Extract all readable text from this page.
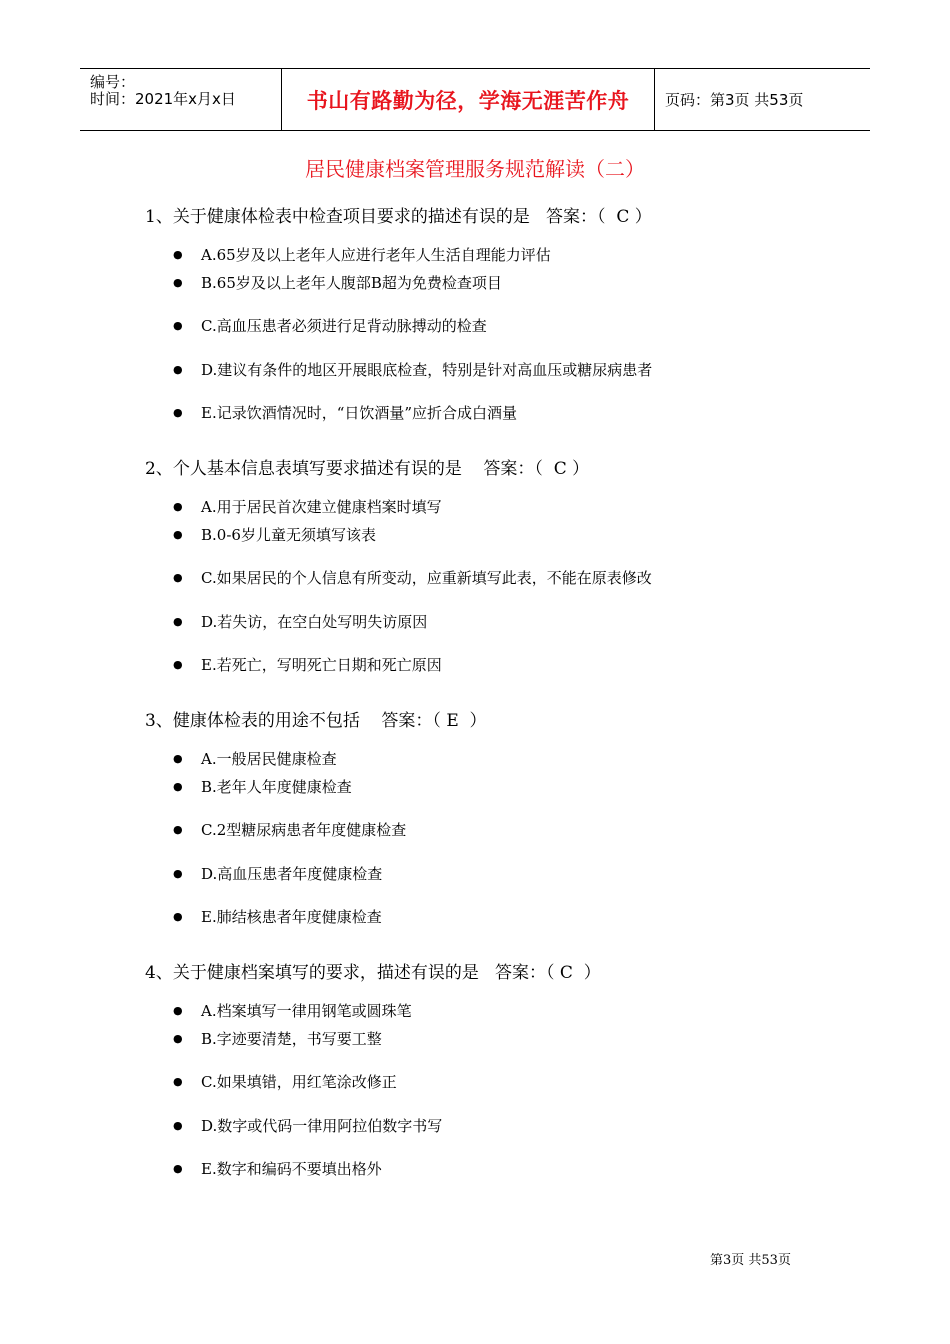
编号：
时间：2021年x月x日	书山有路勤为径，学海无涯苦作舟	页码：第3页 共53页
居民健康档案管理服务规范解读（二）
1、关于健康体检表中检查项目要求的描述有误的是   答案：（  C ）
● A.65岁及以上老年人应进行老年人生活自理能力评估
● B.65岁及以上老年人腹部B超为免费检查项目
● C.高血压患者必须进行足背动脉搏动的检查
● D.建议有条件的地区开展眼底检查，特别是针对高血压或糖尿病患者
● E.记录饮酒情况时，“日饮酒量”应折合成白酒量
2、个人基本信息表填写要求描述有误的是    答案：（  C ）
● A.用于居民首次建立健康档案时填写
● B.0-6岁儿童无须填写该表
● C.如果居民的个人信息有所变动，应重新填写此表，不能在原表修改
● D.若失访，在空白处写明失访原因
● E.若死亡，写明死亡日期和死亡原因
3、健康体检表的用途不包括    答案：（ E  ）
● A.一般居民健康检查
● B.老年人年度健康检查
● C.2型糖尿病患者年度健康检查
● D.高血压患者年度健康检查
● E.肺结核患者年度健康检查
4、关于健康档案填写的要求，描述有误的是   答案：（ C  ）
● A.档案填写一律用钢笔或圆珠笔
● B.字迹要清楚，书写要工整
● C.如果填错，用红笔涂改修正
● D.数字或代码一律用阿拉伯数字书写
● E.数字和编码不要填出格外
第3页 共53页
